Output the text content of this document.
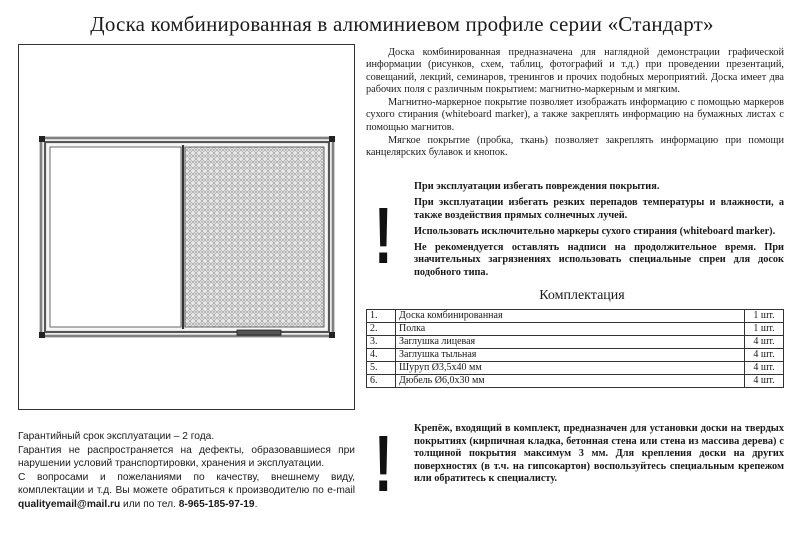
Доска комбинированная в алюминиевом профиле серии «Стандарт»

Доска комбинированная предназначена для наглядной демонстрации графической информации (рисунков, схем, таблиц, фотографий и т.д.) при проведении презентаций, совещаний, лекций, семинаров, тренингов и прочих подобных мероприятий. Доска имеет два рабочих поля с различным покрытием: магнитно-маркерным и мягким.

Магнитно-маркерное покрытие позволяет изображать информацию с помощью маркеров сухого стирания (whiteboard marker), а также закреплять информацию на бумажных листах с помощью магнитов.

Мягкое покрытие (пробка, ткань) позволяет закреплять информацию при помощи канцелярских булавок и кнопок.

!

При эксплуатации избегать повреждения покрытия.

При эксплуатации избегать резких перепадов температуры и влажности, а также воздействия прямых солнечных лучей.

Использовать исключительно маркеры сухого стирания (whiteboard marker).

Не рекомендуется оставлять надписи на продолжительное время. При значительных загрязнениях использовать специальные спреи для досок подобного типа.

Комплектация
1.	Доска комбинированная	1 шт.
2.	Полка	1 шт.
3.	Заглушка лицевая	4 шт.
4.	Заглушка тыльная	4 шт.
5.	Шуруп Ø3,5х40 мм	4 шт.
6.	Дюбель Ø6,0х30 мм	4 шт.
! Крепёж, входящий в комплект, предназначен для установки доски на твердых покрытиях (кирпичная кладка, бетонная стена или стена из массива дерева) с толщиной покрытия максимум 3 мм. Для крепления доски на других поверхностях (в т.ч. на гипсокартон) воспользуйтесь специальным крепежом или обратитесь к специалисту.

Гарантийный срок эксплуатации – 2 года.

Гарантия не распространяется на дефекты, образовавшиеся при нарушении условий транспортировки, хранения и эксплуатации.

С вопросами и пожеланиями по качеству, внешнему виду, комплектации и т.д. Вы можете обратиться к производителю по e-mail qualityemail@mail.ru или по тел. 8-965-185-97-19.
